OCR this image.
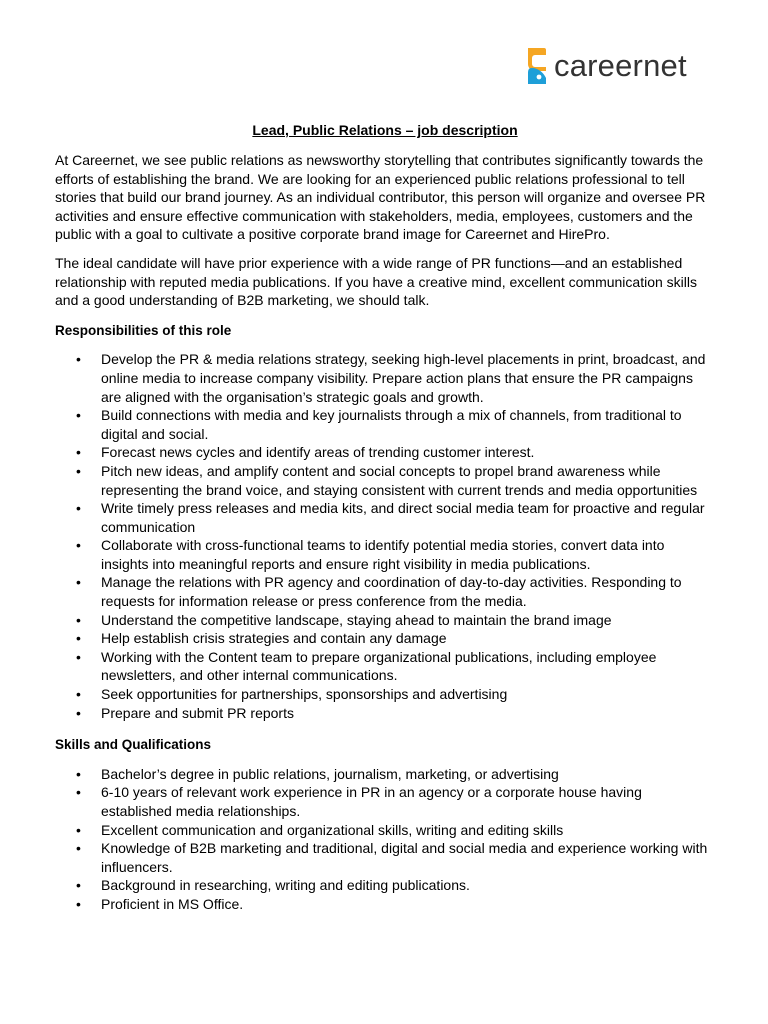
careernet
Lead, Public Relations – job description

At Careernet, we see public relations as newsworthy storytelling that contributes significantly towards the efforts of establishing the brand. We are looking for an experienced public relations professional to tell stories that build our brand journey. As an individual contributor, this person will organize and oversee PR activities and ensure effective communication with stakeholders, media, employees, customers and the public with a goal to cultivate a positive corporate brand image for Careernet and HirePro.

The ideal candidate will have prior experience with a wide range of PR functions—and an established relationship with reputed media publications. If you have a creative mind, excellent communication skills and a good understanding of B2B marketing, we should talk.

Responsibilities of this role
• Develop the PR & media relations strategy, seeking high-level placements in print, broadcast, and online media to increase company visibility. Prepare action plans that ensure the PR campaigns are aligned with the organisation’s strategic goals and growth.
• Build connections with media and key journalists through a mix of channels, from traditional to digital and social.
• Forecast news cycles and identify areas of trending customer interest.
• Pitch new ideas, and amplify content and social concepts to propel brand awareness while representing the brand voice, and staying consistent with current trends and media opportunities
• Write timely press releases and media kits, and direct social media team for proactive and regular communication
• Collaborate with cross-functional teams to identify potential media stories, convert data into insights into meaningful reports and ensure right visibility in media publications.
• Manage the relations with PR agency and coordination of day-to-day activities. Responding to requests for information release or press conference from the media.
• Understand the competitive landscape, staying ahead to maintain the brand image
• Help establish crisis strategies and contain any damage
• Working with the Content team to prepare organizational publications, including employee newsletters, and other internal communications.
• Seek opportunities for partnerships, sponsorships and advertising
• Prepare and submit PR reports
Skills and Qualifications
• Bachelor’s degree in public relations, journalism, marketing, or advertising
• 6-10 years of relevant work experience in PR in an agency or a corporate house having established media relationships.
• Excellent communication and organizational skills, writing and editing skills
• Knowledge of B2B marketing and traditional, digital and social media and experience working with influencers.
• Background in researching, writing and editing publications.
• Proficient in MS Office.
